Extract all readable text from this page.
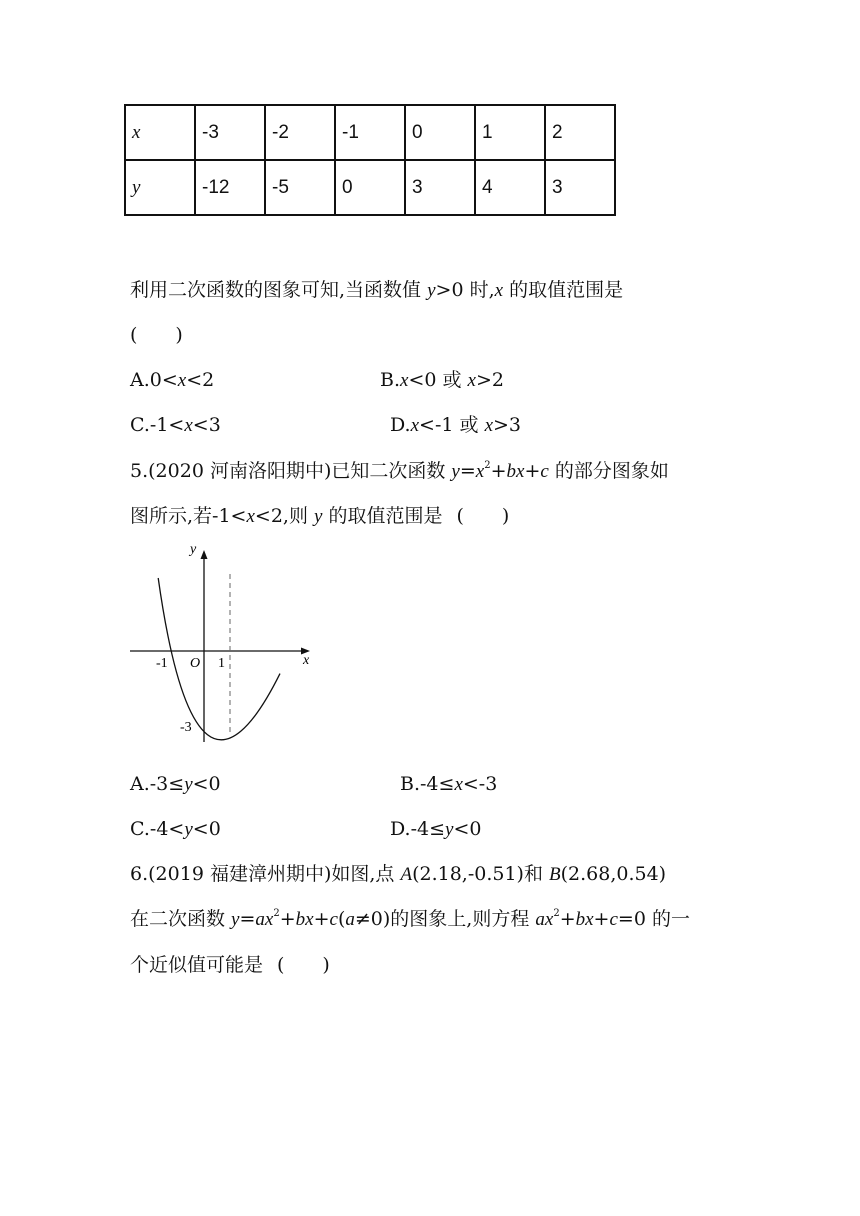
x	-3	-2	-1	0	1	2
y	-12	-5	0	3	4	3
利用二次函数的图象可知,当函数值 y>0 时,x 的取值范围是
(　　)
A.0<x<2	B.x<0 或 x>2
C.-1<x<3	D.x<-1 或 x>3
5.(2020 河南洛阳期中)已知二次函数 $y=x^2+bx+c$ 的部分图象如
图所示,若-1<x<2,则 y 的取值范围是 (　　)
y
x
-1 O 1
-3
A.-3≤y<0	B.-4≤x<-3
C.-4<y<0	D.-4≤y<0
6.(2019 福建漳州期中)如图,点 A(2.18,-0.51)和 B(2.68,0.54)
在二次函数 $y=ax^2+bx+c(a\ne 0)$的图象上,则方程 $ax^2+bx+c=0$ 的一
个近似值可能是 (　　)
